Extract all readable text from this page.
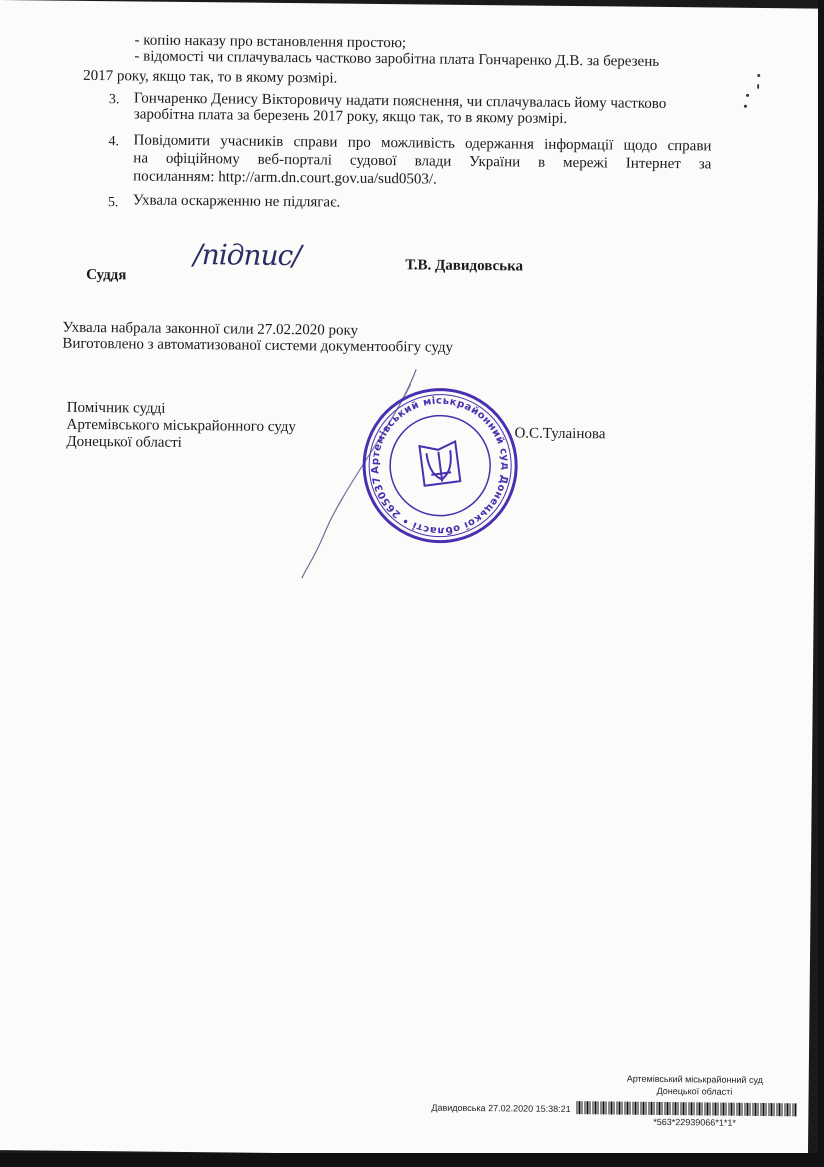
- копію наказу про встановлення простою;
- відомості чи сплачувалась частково заробітна плата Гончаренко Д.В. за березень
2017 року, якщо так, то в якому розмірі.
3. Гончаренко Денису Вікторовичу надати пояснення, чи сплачувалась йому частково
заробітна плата за березень 2017 року, якщо так, то в якому розмірі.
4. Повідомити учасників справи про можливість одержання інформації щодо справи
на офіційному веб-порталі судової влади України в мережі Інтернет за
посиланням: http://arm.dn.court.gov.ua/sud0503/.
5. Ухвала оскарженню не підлягає.
Суддя
/підпис/	Т.В. Давидовська
Ухвала набрала законної сили 27.02.2020 року
Виготовлено з автоматизованої системи документообігу суду
Помічник судді
Артемівського міськрайонного суду
Донецької області	О.С.Тулаінова
Артемівський міськрайонний суд Донецької області • 26503744
Артемівський міськрайонний суд
Донецької області
Давидовська 27.02.2020 15:38:21
*563*22939066*1*1*
